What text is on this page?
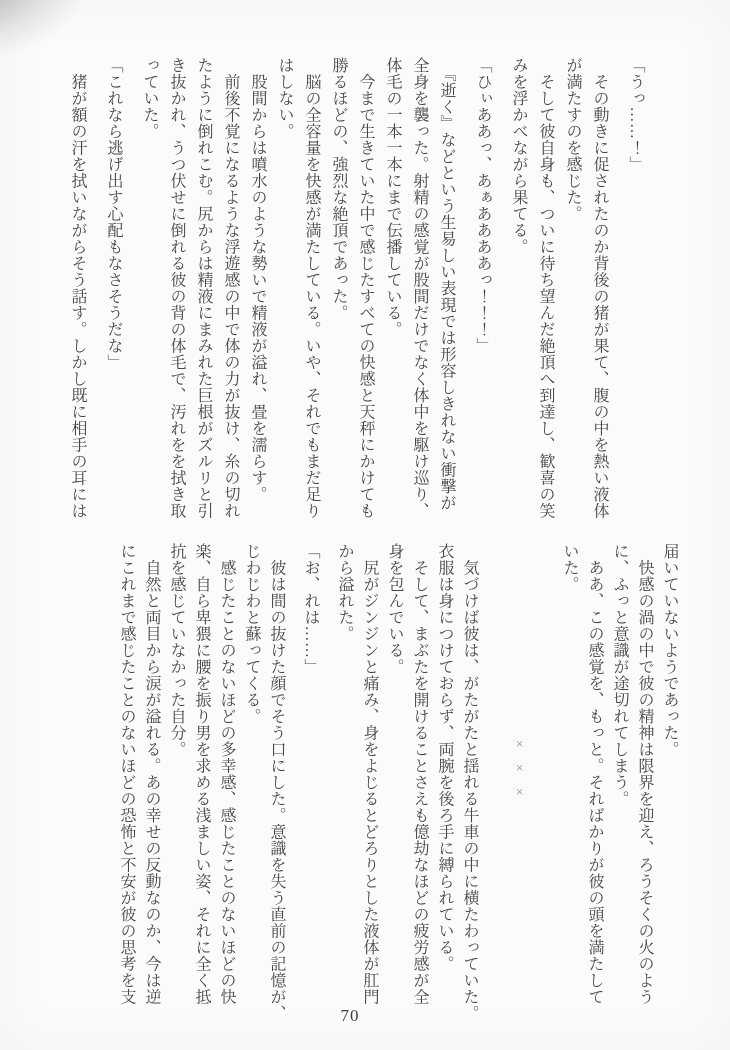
「うっ……！」

　その動きに促されたのか背後の猪が果て、腹の中を熱い液体

が満たすのを感じた。

　そして彼自身も、ついに待ち望んだ絶頂へ到達し、歓喜の笑

みを浮かべながら果てる。

「ひぃああっ、あぁああああっ！！！」

　『逝く』などという生易しい表現では形容しきれない衝撃が

全身を襲った。射精の感覚が股間だけでなく体中を駆け巡り、

体毛の一本一本にまで伝播している。

　今まで生きていた中で感じたすべての快感と天秤にかけても

勝るほどの、強烈な絶頂であった。

　脳の全容量を快感が満たしている。いや、それでもまだ足り

はしない。

　股間からは噴水のような勢いで精液が溢れ、畳を濡らす。

　前後不覚になるような浮遊感の中で体の力が抜け、糸の切れ

たように倒れこむ。尻からは精液にまみれた巨根がズルリと引

き抜かれ、うつ伏せに倒れる彼の背の体毛で、汚れをを拭き取

っていた。

「これなら逃げ出す心配もなさそうだな」

　猪が額の汗を拭いながらそう話す。しかし既に相手の耳には

届いていないようであった。

　快感の渦の中で彼の精神は限界を迎え、ろうそくの火のよう

に、ふっと意識が途切れてしまう。

　ああ、この感覚を、もっと。そればかりが彼の頭を満たして

いた。

×××

　気づけば彼は、がたがたと揺れる牛車の中に横たわっていた。

衣服は身につけておらず、両腕を後ろ手に縛られている。

　そして、まぶたを開けることさえも億劫なほどの疲労感が全

身を包んでいる。

　尻がジンジンと痛み、身をよじるとどろりとした液体が肛門

から溢れた。

「お、れは……」

　彼は間の抜けた顔でそう口にした。意識を失う直前の記憶が、

じわじわと蘇ってくる。

　感じたことのないほどの多幸感、感じたことのないほどの快

楽、自ら卑猥に腰を振り男を求める浅ましい姿、それに全く抵

抗を感じていなかった自分。

　自然と両目から涙が溢れる。あの幸せの反動なのか、今は逆

にこれまで感じたことのないほどの恐怖と不安が彼の思考を支

70
